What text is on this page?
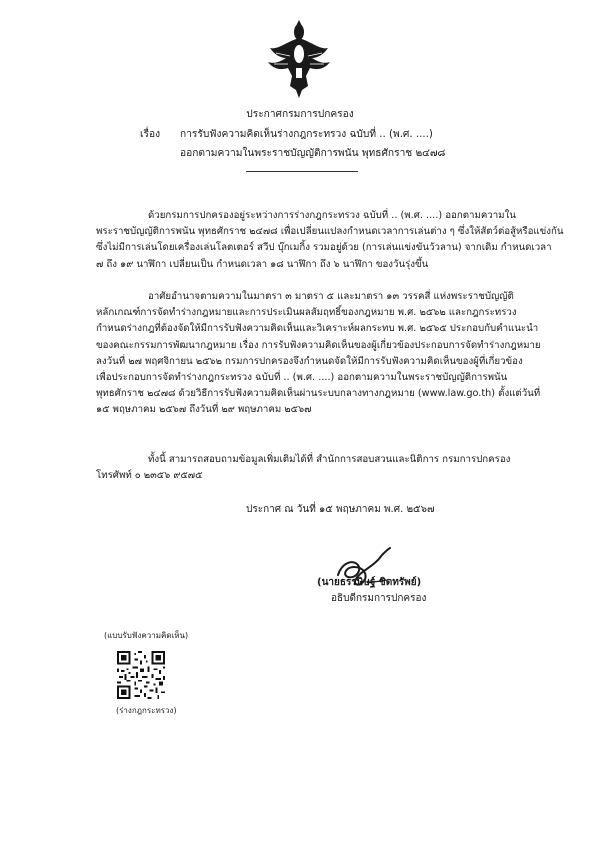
ประกาศกรมการปกครอง
เรื่อง การรับฟังความคิดเห็นร่างกฎกระทรวง ฉบับที่ .. (พ.ศ. ....)
ออกตามความในพระราชบัญญัติการพนัน พุทธศักราช ๒๔๗๘
ด้วยกรมการปกครองอยู่ระหว่างการร่างกฎกระทรวง ฉบับที่ .. (พ.ศ. ....) ออกตามความใน
พระราชบัญญัติการพนัน พุทธศักราช ๒๔๗๘ เพื่อเปลี่ยนแปลงกำหนดเวลาการเล่นต่าง ๆ ซึ่งให้สัตว์ต่อสู้หรือแข่งกัน
ซึ่งไม่มีการเล่นโดยเครื่องเล่นโลตเตอร์ สวีป บุ๊กเมกิ้ง รวมอยู่ด้วย (การเล่นแข่งขันวัวลาน) จากเดิม กำหนดเวลา
๗ ถึง ๑๙ นาฬิกา เปลี่ยนเป็น กำหนดเวลา ๑๘ นาฬิกา ถึง ๖ นาฬิกา ของวันรุ่งขึ้น
อาศัยอำนาจตามความในมาตรา ๓ มาตรา ๕ และมาตรา ๑๓ วรรคสี่ แห่งพระราชบัญญัติ
หลักเกณฑ์การจัดทำร่างกฎหมายและการประเมินผลสัมฤทธิ์ของกฎหมาย พ.ศ. ๒๕๖๒ และกฎกระทรวง
กำหนดร่างกฎที่ต้องจัดให้มีการรับฟังความคิดเห็นและวิเคราะห์ผลกระทบ พ.ศ. ๒๕๖๕ ประกอบกับคำแนะนำ
ของคณะกรรมการพัฒนากฎหมาย เรื่อง การรับฟังความคิดเห็นของผู้เกี่ยวข้องประกอบการจัดทำร่างกฎหมาย
ลงวันที่ ๒๗ พฤศจิกายน ๒๕๖๒ กรมการปกครองจึงกำหนดจัดให้มีการรับฟังความคิดเห็นของผู้ที่เกี่ยวข้อง
เพื่อประกอบการจัดทำร่างกฎกระทรวง ฉบับที่ .. (พ.ศ. ....) ออกตามความในพระราชบัญญัติการพนัน
พุทธศักราช ๒๔๗๘ ด้วยวิธีการรับฟังความคิดเห็นผ่านระบบกลางทางกฎหมาย (www.law.go.th) ตั้งแต่วันที่
๑๕ พฤษภาคม ๒๕๖๗ ถึงวันที่ ๒๙ พฤษภาคม ๒๕๖๗
ทั้งนี้ สามารถสอบถามข้อมูลเพิ่มเติมได้ที่ สำนักการสอบสวนและนิติการ กรมการปกครอง
โทรศัพท์ ๐ ๒๓๕๖ ๙๕๗๕
ประกาศ ณ วันที่ ๑๕ พฤษภาคม พ.ศ. ๒๕๖๗
(นายธรรษิษฐ์ ชิตทรัพย์)
อธิบดีกรมการปกครอง
(แบบรับฟังความคิดเห็น)
(ร่างกฎกระทรวง)
